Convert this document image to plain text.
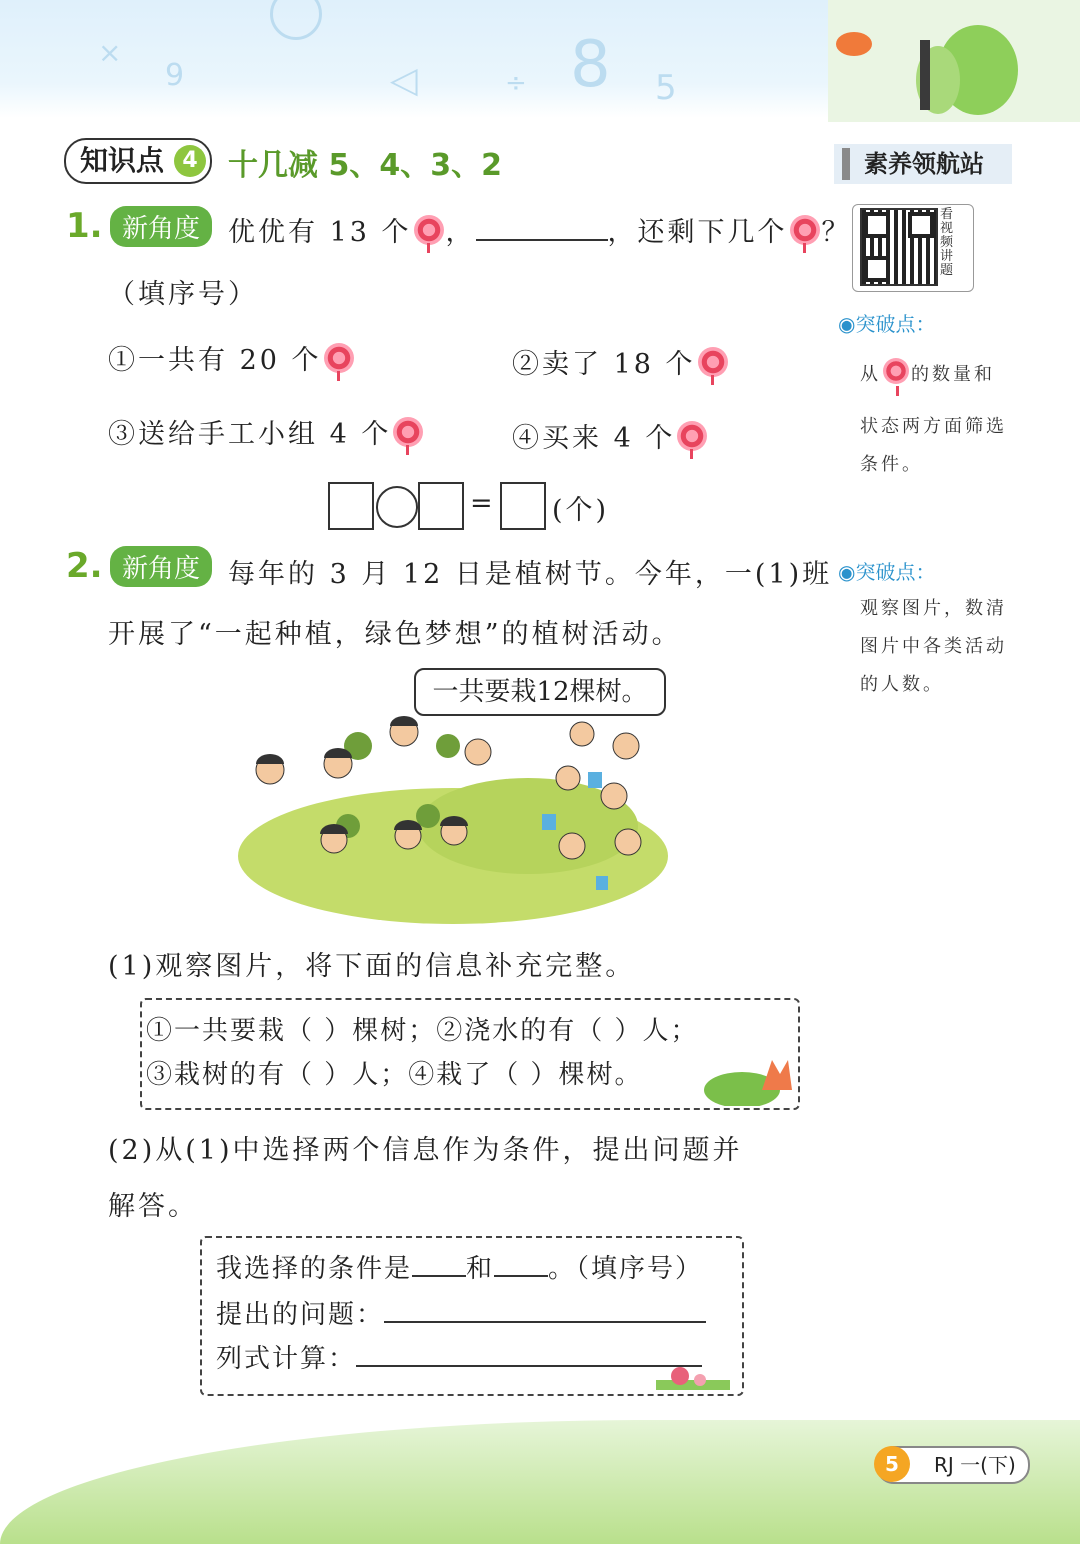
×
9	8
÷
◁	5
知识点 4 十几减 5、4、3、2	素养领航站
看视频讲题
1. 新角度	优优有 13 个 ，	，还剩下几个 ？
（填序号）
①一共有 20 个	②卖了 18 个
③送给手工小组 4 个	④买来 4 个
= (个)
◉突破点：
从 的数量和
状态两方面筛选
条件。
2. 新角度	每年的 3 月 12 日是植树节。今年，一(1)班
开展了“一起种植，绿色梦想”的植树活动。
◉突破点：
观察图片，数清
图片中各类活动
的人数。
一共要栽12棵树。
(1)观察图片，将下面的信息补充完整。
①一共要栽（ ）棵树；②浇水的有（ ）人；
③栽树的有（ ）人；④栽了（ ）棵树。
(2)从(1)中选择两个信息作为条件，提出问题并
解答。
我选择的条件是 和 。（填序号）
提出的问题：
列式计算：
5	RJ 一(下)
